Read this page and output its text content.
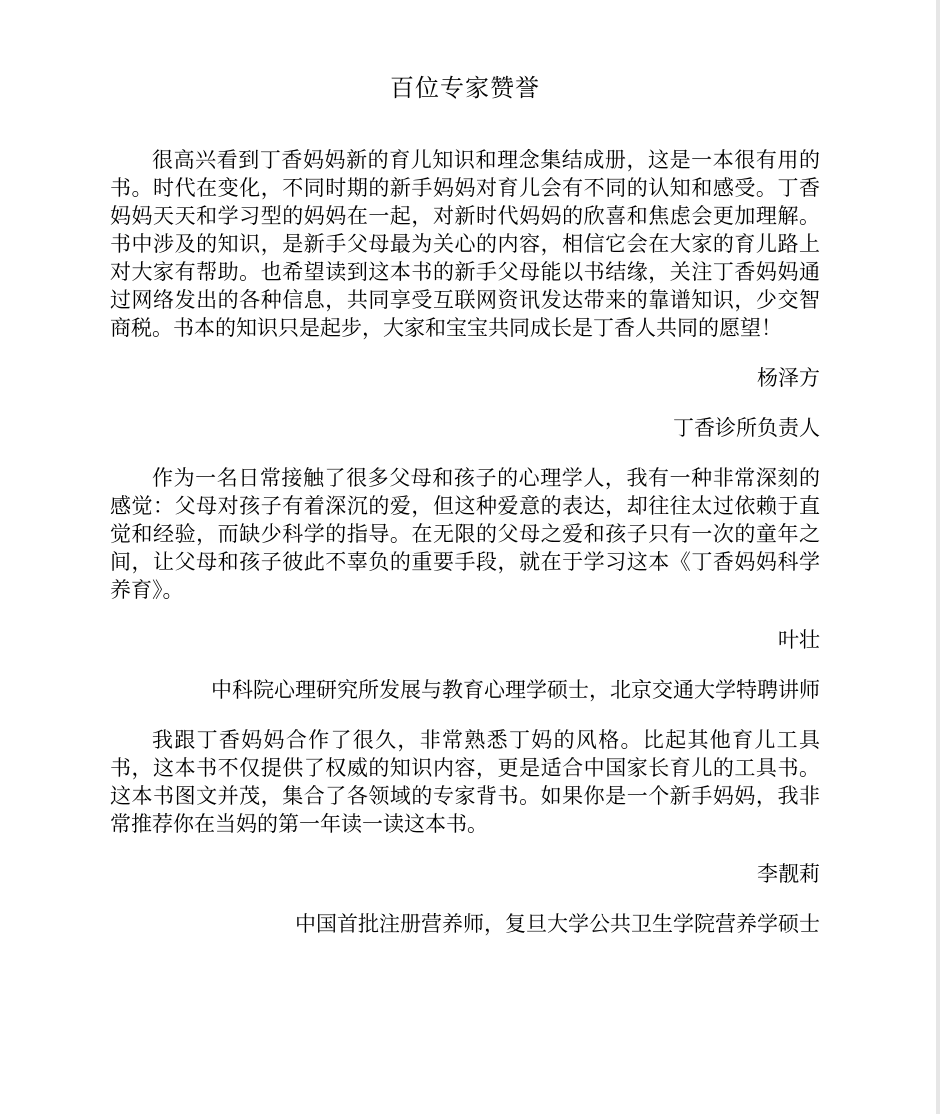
百位专家赞誉

很高兴看到丁香妈妈新的育儿知识和理念集结成册，这是一本很有用的书。时代在变化，不同时期的新手妈妈对育儿会有不同的认知和感受。丁香妈妈天天和学习型的妈妈在一起，对新时代妈妈的欣喜和焦虑会更加理解。书中涉及的知识，是新手父母最为关心的内容，相信它会在大家的育儿路上对大家有帮助。也希望读到这本书的新手父母能以书结缘，关注丁香妈妈通过网络发出的各种信息，共同享受互联网资讯发达带来的靠谱知识，少交智商税。书本的知识只是起步，大家和宝宝共同成长是丁香人共同的愿望！

杨泽方

丁香诊所负责人

作为一名日常接触了很多父母和孩子的心理学人，我有一种非常深刻的感觉：父母对孩子有着深沉的爱，但这种爱意的表达，却往往太过依赖于直觉和经验，而缺少科学的指导。在无限的父母之爱和孩子只有一次的童年之间，让父母和孩子彼此不辜负的重要手段，就在于学习这本《丁香妈妈科学养育》。

叶壮

中科院心理研究所发展与教育心理学硕士，北京交通大学特聘讲师

我跟丁香妈妈合作了很久，非常熟悉丁妈的风格。比起其他育儿工具书，这本书不仅提供了权威的知识内容，更是适合中国家长育儿的工具书。这本书图文并茂，集合了各领域的专家背书。如果你是一个新手妈妈，我非常推荐你在当妈的第一年读一读这本书。

李靓莉

中国首批注册营养师，复旦大学公共卫生学院营养学硕士
